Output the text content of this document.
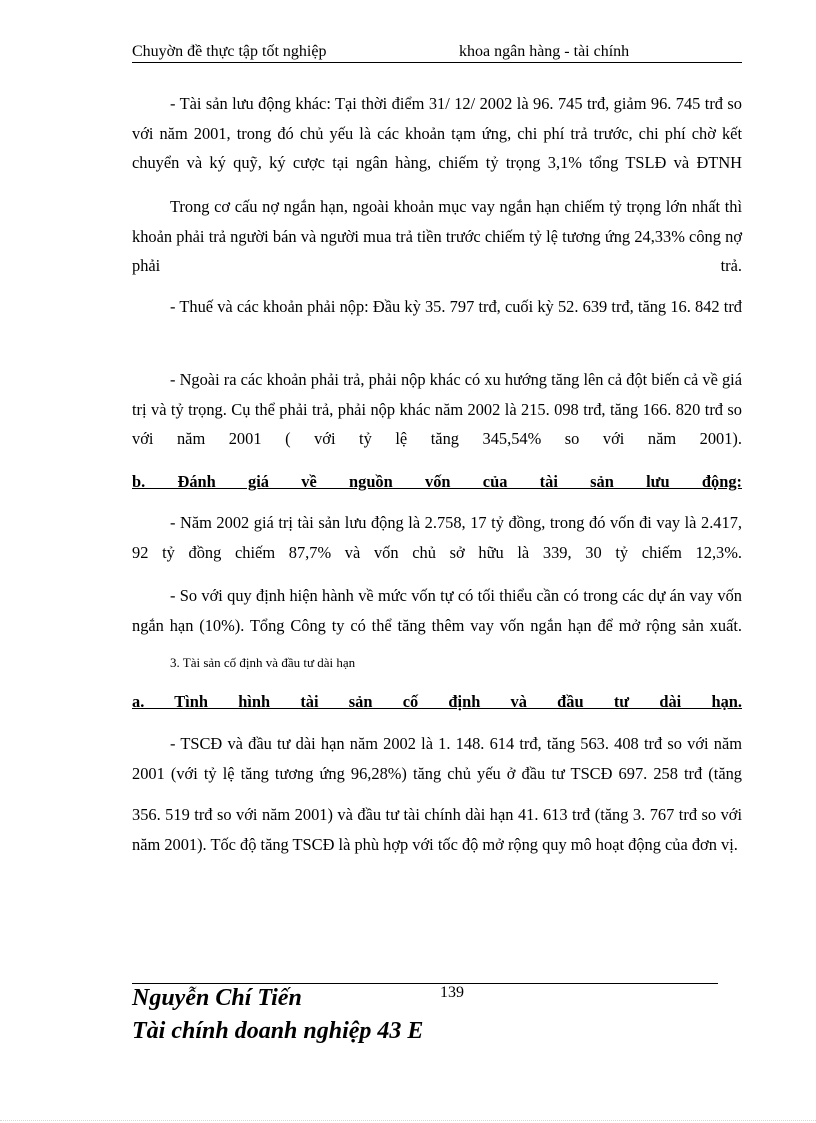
Chuyờn đề thực tập tốt nghiệp	khoa ngân hàng - tài chính
- Tài sản lưu động khác: Tại thời điểm 31/ 12/ 2002 là 96. 745 trđ, giảm 96. 745 trđ so với năm 2001, trong đó chủ yếu là các khoản tạm ứng, chi phí trả trước, chi phí chờ kết chuyển và ký quỹ, ký cược tại ngân hàng, chiếm tỷ trọng 3,1% tổng TSLĐ và ĐTNH
Trong cơ cấu nợ ngắn hạn, ngoài khoản mục vay ngắn hạn chiếm tỷ trọng lớn nhất thì khoản phải trả người bán và người mua trả tiền trước chiếm tỷ lệ tương ứng 24,33% công nợ phải trả.
- Thuế và các khoản phải nộp: Đầu kỳ 35. 797 trđ, cuối kỳ 52. 639 trđ, tăng 16. 842 trđ
- Ngoài ra các khoản phải trả, phải nộp khác có xu hướng tăng lên cả đột biến cả về giá trị và tỷ trọng. Cụ thể phải trả, phải nộp khác năm 2002 là 215. 098 trđ, tăng 166. 820 trđ so với năm 2001 ( với tỷ lệ tăng 345,54% so với năm 2001).
b. Đánh giá về nguồn vốn của tài sản lưu động:
- Năm 2002 giá trị tài sản lưu động là 2.758, 17 tỷ đồng, trong đó vốn đi vay là 2.417, 92 tỷ đồng chiếm 87,7% và vốn chủ sở hữu là 339, 30 tỷ chiếm 12,3%.
- So với quy định hiện hành về mức vốn tự có tối thiểu cần có trong các dự án vay vốn ngắn hạn (10%). Tổng Công ty có thể tăng thêm vay vốn ngắn hạn để mở rộng sản xuất.
3. Tài sản cố định và đầu tư dài hạn
a. Tình hình tài sản cố định và đầu tư dài hạn.
- TSCĐ và đầu tư dài hạn năm 2002 là 1. 148. 614 trđ, tăng 563. 408 trđ so với năm 2001 (với tỷ lệ tăng tương ứng 96,28%) tăng chủ yếu ở đầu tư TSCĐ 697. 258 trđ (tăng
356. 519 trđ so với năm 2001) và đầu tư tài chính dài hạn 41. 613 trđ (tăng 3. 767 trđ so với năm 2001). Tốc độ tăng TSCĐ là phù hợp với tốc độ mở rộng quy mô hoạt động của đơn vị.
139
Nguyễn Chí Tiến
Tài chính doanh nghiệp 43 E
